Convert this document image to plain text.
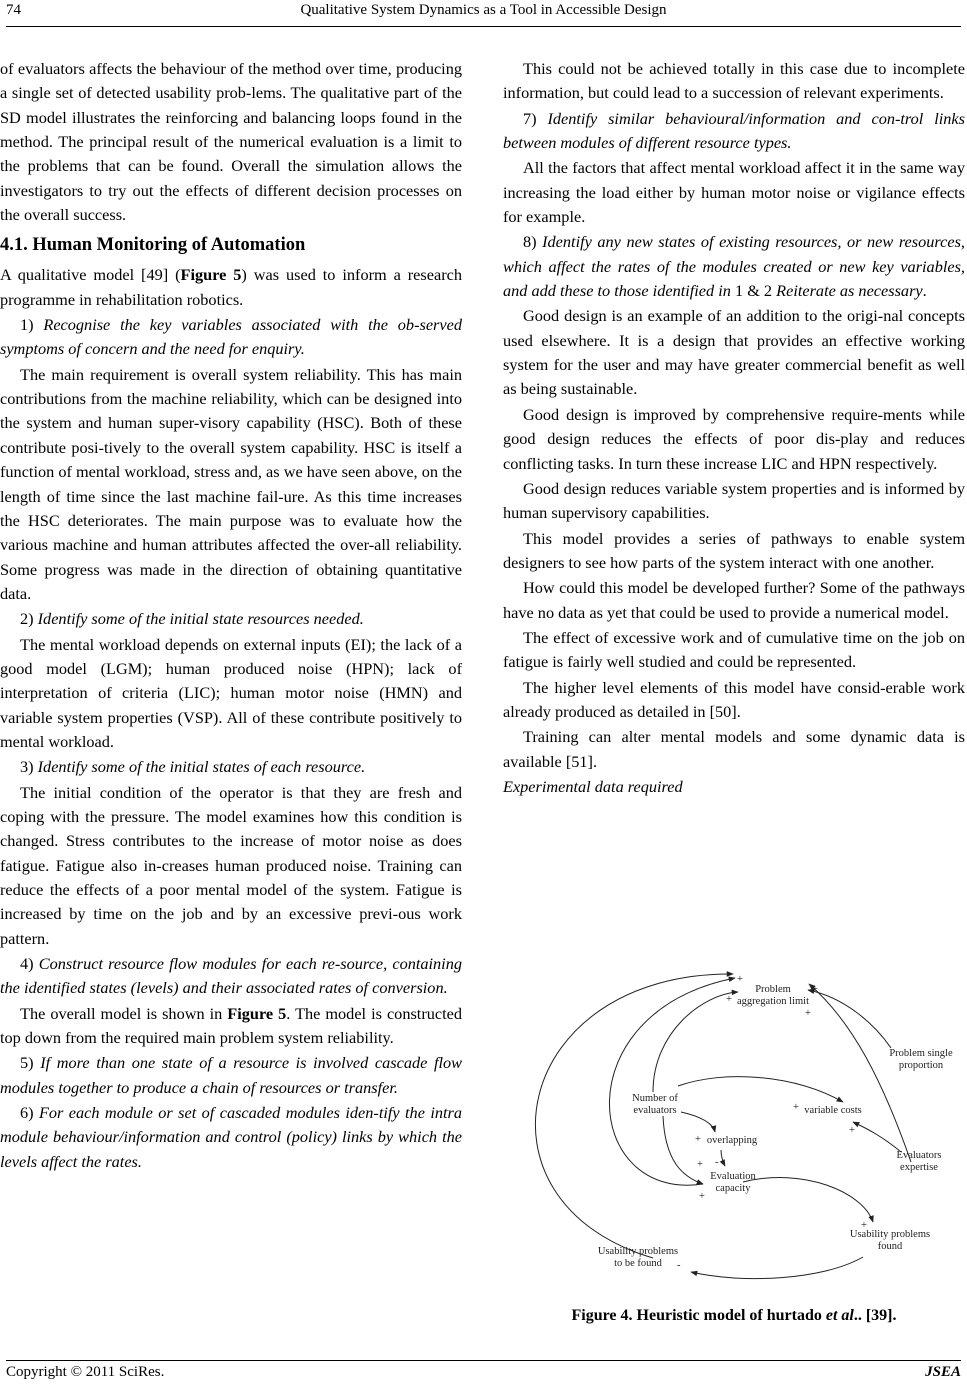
74	Qualitative System Dynamics as a Tool in Accessible Design

of evaluators affects the behaviour of the method over time, producing a single set of detected usability prob-lems. The qualitative part of the SD model illustrates the reinforcing and balancing loops found in the method. The principal result of the numerical evaluation is a limit to the problems that can be found. Overall the simulation allows the investigators to try out the effects of different decision processes on the overall success.

4.1. Human Monitoring of Automation

A qualitative model [49] (Figure 5) was used to inform a research programme in rehabilitation robotics.

1) Recognise the key variables associated with the ob-served symptoms of concern and the need for enquiry.

The main requirement is overall system reliability. This has main contributions from the machine reliability, which can be designed into the system and human super-visory capability (HSC). Both of these contribute posi-tively to the overall system capability. HSC is itself a function of mental workload, stress and, as we have seen above, on the length of time since the last machine fail-ure. As this time increases the HSC deteriorates. The main purpose was to evaluate how the various machine and human attributes affected the over-all reliability. Some progress was made in the direction of obtaining quantitative data.

2) Identify some of the initial state resources needed.

The mental workload depends on external inputs (EI); the lack of a good model (LGM); human produced noise (HPN); lack of interpretation of criteria (LIC); human motor noise (HMN) and variable system properties (VSP). All of these contribute positively to mental workload.

3) Identify some of the initial states of each resource.

The initial condition of the operator is that they are fresh and coping with the pressure. The model examines how this condition is changed. Stress contributes to the increase of motor noise as does fatigue. Fatigue also in-creases human produced noise. Training can reduce the effects of a poor mental model of the system. Fatigue is increased by time on the job and by an excessive previ-ous work pattern.

4) Construct resource flow modules for each re-source, containing the identified states (levels) and their associated rates of conversion.

The overall model is shown in Figure 5. The model is constructed top down from the required main problem system reliability.

5) If more than one state of a resource is involved cascade flow modules together to produce a chain of resources or transfer.

6) For each module or set of cascaded modules iden-tify the intra module behaviour/information and control (policy) links by which the levels affect the rates.

This could not be achieved totally in this case due to incomplete information, but could lead to a succession of relevant experiments.

7) Identify similar behavioural/information and con-trol links between modules of different resource types.

All the factors that affect mental workload affect it in the same way increasing the load either by human motor noise or vigilance effects for example.

8) Identify any new states of existing resources, or new resources, which affect the rates of the modules created or new key variables, and add these to those identified in 1 & 2 Reiterate as necessary.

Good design is an example of an addition to the origi-nal concepts used elsewhere. It is a design that provides an effective working system for the user and may have greater commercial benefit as well as being sustainable.

Good design is improved by comprehensive require-ments while good design reduces the effects of poor dis-play and reduces conflicting tasks. In turn these increase LIC and HPN respectively.

Good design reduces variable system properties and is informed by human supervisory capabilities.

This model provides a series of pathways to enable system designers to see how parts of the system interact with one another.

How could this model be developed further? Some of the pathways have no data as yet that could be used to provide a numerical model.

The effect of excessive work and of cumulative time on the job on fatigue is fairly well studied and could be represented.

The higher level elements of this model have consid-erable work already produced as detailed in [50].

Training can alter mental models and some dynamic data is available [51].

Experimental data required

Problem aggregation limit
Problem single proportion
Number of evaluators	variable costs
overlapping
Evaluation capacity
Evaluators expertise
Usability problems found
Usability problems to be found
+
+
+
+
+
+
+
-
+
+
+
-
Figure 4. Heuristic model of hurtado et al.. [39].
Copyright © 2011 SciRes.	JSEA
